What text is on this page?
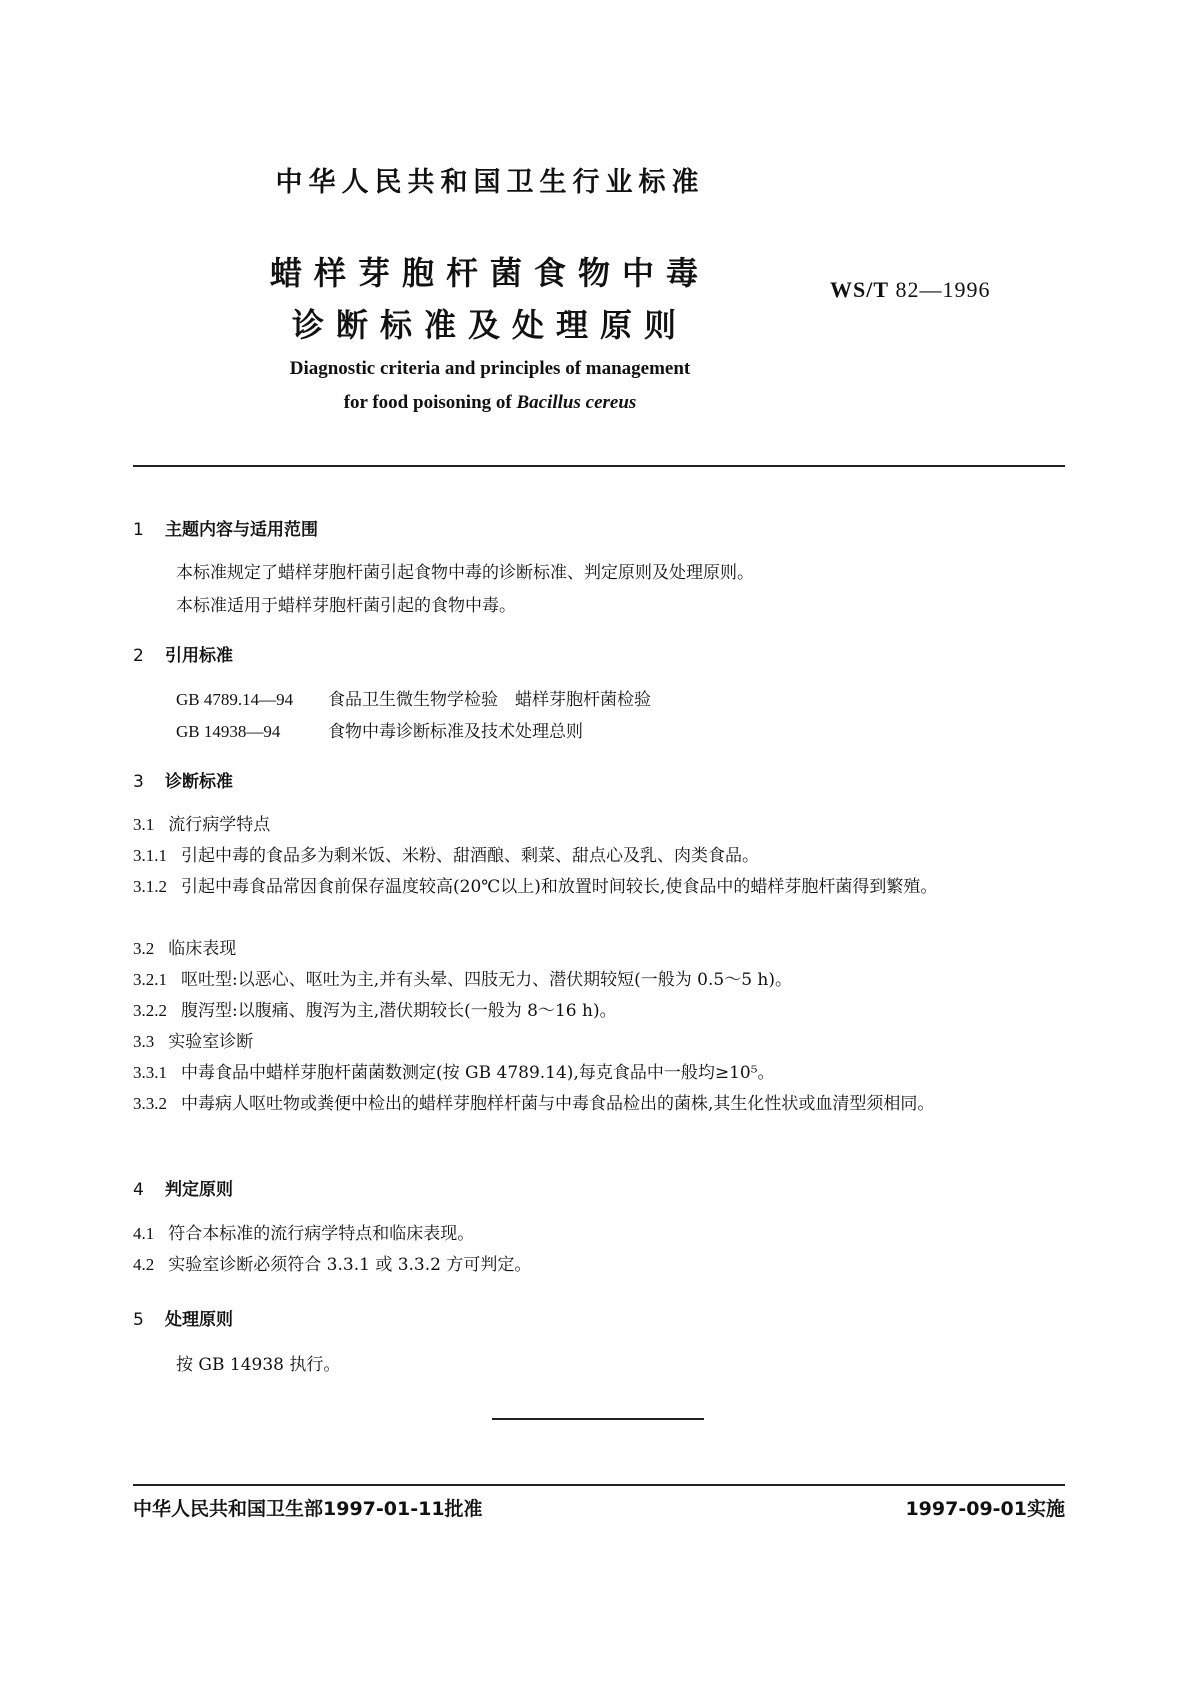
中华人民共和国卫生行业标准
蜡样芽胞杆菌食物中毒
诊断标准及处理原则
WS/T 82—1996
Diagnostic criteria and principles of management
for food poisoning of Bacillus cereus
1 主题内容与适用范围
本标准规定了蜡样芽胞杆菌引起食物中毒的诊断标准、判定原则及处理原则。
本标准适用于蜡样芽胞杆菌引起的食物中毒。
2 引用标准
GB 4789.14—94 食品卫生微生物学检验　蜡样芽胞杆菌检验
GB 14938—94	食物中毒诊断标准及技术处理总则
3 诊断标准
3.1 流行病学特点
3.1.1 引起中毒的食品多为剩米饭、米粉、甜酒酿、剩菜、甜点心及乳、肉类食品。
3.1.2 引起中毒食品常因食前保存温度较高(20℃以上)和放置时间较长,使食品中的蜡样芽胞杆菌得到繁殖。
3.2 临床表现
3.2.1 呕吐型:以恶心、呕吐为主,并有头晕、四肢无力、潜伏期较短(一般为 0.5～5 h)。
3.2.2 腹泻型:以腹痛、腹泻为主,潜伏期较长(一般为 8～16 h)。
3.3 实验室诊断
3.3.1 中毒食品中蜡样芽胞杆菌菌数测定(按 GB 4789.14),每克食品中一般均≥10⁵。
3.3.2 中毒病人呕吐物或粪便中检出的蜡样芽胞样杆菌与中毒食品检出的菌株,其生化性状或血清型须相同。
4 判定原则
4.1 符合本标准的流行病学特点和临床表现。
4.2 实验室诊断必须符合 3.3.1 或 3.3.2 方可判定。
5 处理原则
按 GB 14938 执行。
中华人民共和国卫生部1997-01-11批准	1997-09-01实施
